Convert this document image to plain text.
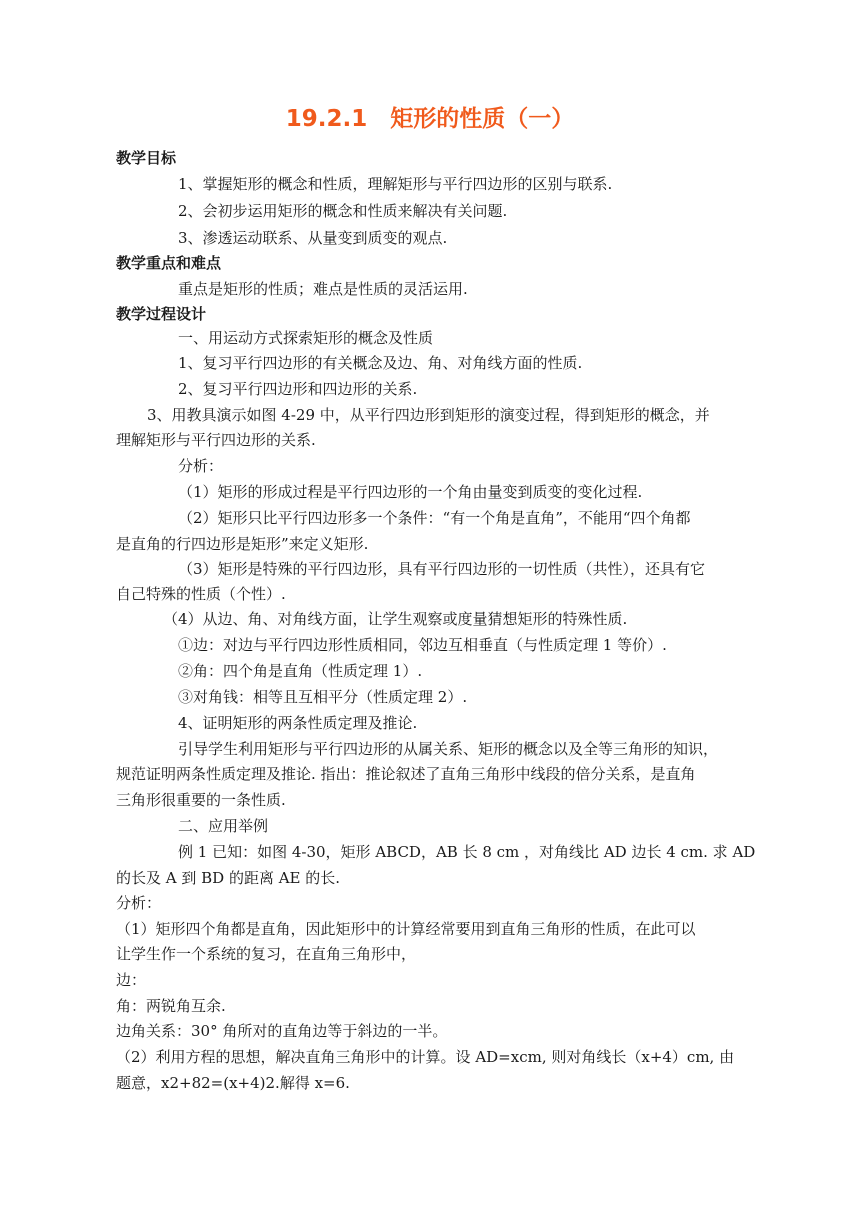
19.2.1　矩形的性质（一）
教学目标
1、掌握矩形的概念和性质，理解矩形与平行四边形的区别与联系.
2、会初步运用矩形的概念和性质来解决有关问题.
3、渗透运动联系、从量变到质变的观点.
教学重点和难点
重点是矩形的性质；难点是性质的灵活运用.
教学过程设计
一、用运动方式探索矩形的概念及性质
1、复习平行四边形的有关概念及边、角、对角线方面的性质.
2、复习平行四边形和四边形的关系.
3、用教具演示如图 4-29 中，从平行四边形到矩形的演变过程，得到矩形的概念，并
理解矩形与平行四边形的关系.
分析：
（1）矩形的形成过程是平行四边形的一个角由量变到质变的变化过程.
（2）矩形只比平行四边形多一个条件：“有一个角是直角”，不能用“四个角都
是直角的行四边形是矩形”来定义矩形.
（3）矩形是特殊的平行四边形，具有平行四边形的一切性质（共性），还具有它
自己特殊的性质（个性）.
（4）从边、角、对角线方面，让学生观察或度量猜想矩形的特殊性质.
①边：对边与平行四边形性质相同，邻边互相垂直（与性质定理 1 等价）.
②角：四个角是直角（性质定理 1）.
③对角钱：相等且互相平分（性质定理 2）.
4、证明矩形的两条性质定理及推论.
引导学生利用矩形与平行四边形的从属关系、矩形的概念以及全等三角形的知识，
规范证明两条性质定理及推论. 指出：推论叙述了直角三角形中线段的倍分关系，是直角
三角形很重要的一条性质.
二、应用举例
例 1 已知：如图 4-30，矩形 ABCD，AB 长 8 cm ，对角线比 AD 边长 4 cm. 求 AD
的长及 A 到 BD 的距离 AE 的长.
分析：
（1）矩形四个角都是直角，因此矩形中的计算经常要用到直角三角形的性质，在此可以
让学生作一个系统的复习，在直角三角形中，
边：
角：两锐角互余.
边角关系：30° 角所对的直角边等于斜边的一半。
（2）利用方程的思想，解决直角三角形中的计算。设 AD=xcm, 则对角线长（x+4）cm, 由
题意，x2+82=(x+4)2.解得 x=6.
